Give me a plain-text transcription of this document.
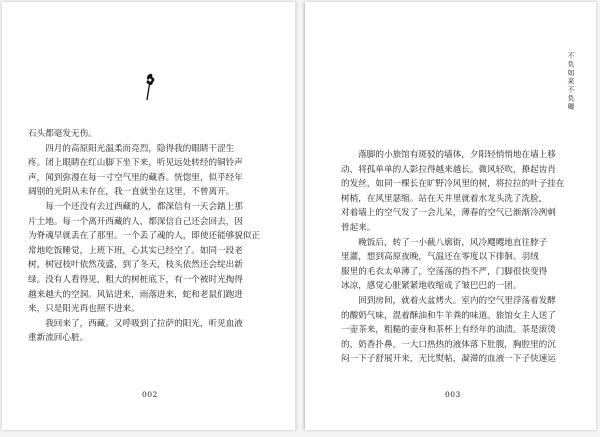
石头都毫发无伤。
四月的高原阳光温柔而亮烈，隐得我的眼睛干涩生
疼。闭上眼睛在红山脚下坐下来，听见远处转经的铜铃声
声，闻到弥漫在每一寸空气里的藏香。恍惚里，似乎经年
阔别的光阴从未存在，我一直就坐在这里，不曾离开。
每一个还没有去过西藏的人，都深信有一天会踏上那
片土地。每一个离开西藏的人，都深信自己还会回去，因
为脊魂早就丢在了那里。一个丢了魂的人，即使还能够貌似正
常地吃饭睡觉，上班下班，心其实已经空了。如同一段老
树，树冠枝叶依然茂盛，到了冬天，枝头依然还会绽出新
绿。没有人看得见，粗大的树桩底下，有一个被时光掏得
越来越大的空洞。风钻进来，雨落进来，蛇和老鼠们跑进
来，只是阳光再也照不进来。
我回来了，西藏。又呼吸到了拉萨的阳光，听见血液
重新流回心脏。
002
不负如来不负卿
落脚的小旅馆有斑驳的墙体，夕阳轻悄悄地在墙上移
动，将孤单单的人影拉得越来越长。微风轻吹，撩起齿肖
的发丝，如同一棵长在旷野冷风里的树，将拉拉的叶子挂在
树梢，在风里瑟缩。站在天井里就着水龙头洗了洗脸，
对着墙上的空气发了一会儿呆，薄春的空气已渐渐冷冽刺
骨起来。
晚饭后，转了一小截八廓街，风冷飕飕地直往脖子
里灌，想到高原夜晚，气温还在零度以下徘徊。羽绒
服里的毛衣太单薄了，空荡荡的挡不严，门脚很快变得
冰凉，感觉心脏紧紧地收缩成了皱巴巴的一团。
回到房间，就着火盆烤火。室内的空气里浮荡着发酵
的酸奶气味，混着酥油和牛羊粪的味道。旅馆女主人送了
一壶茶来，粗糙的壶身和茶杯上有经年的油渍。茶是滚烫
的，奶香扑鼻，一大口热热的液体落下肚腹，胸腔里的沉
闷一下子舒展开来，无比熨帖，凝滞的血液一下子快速运
003
